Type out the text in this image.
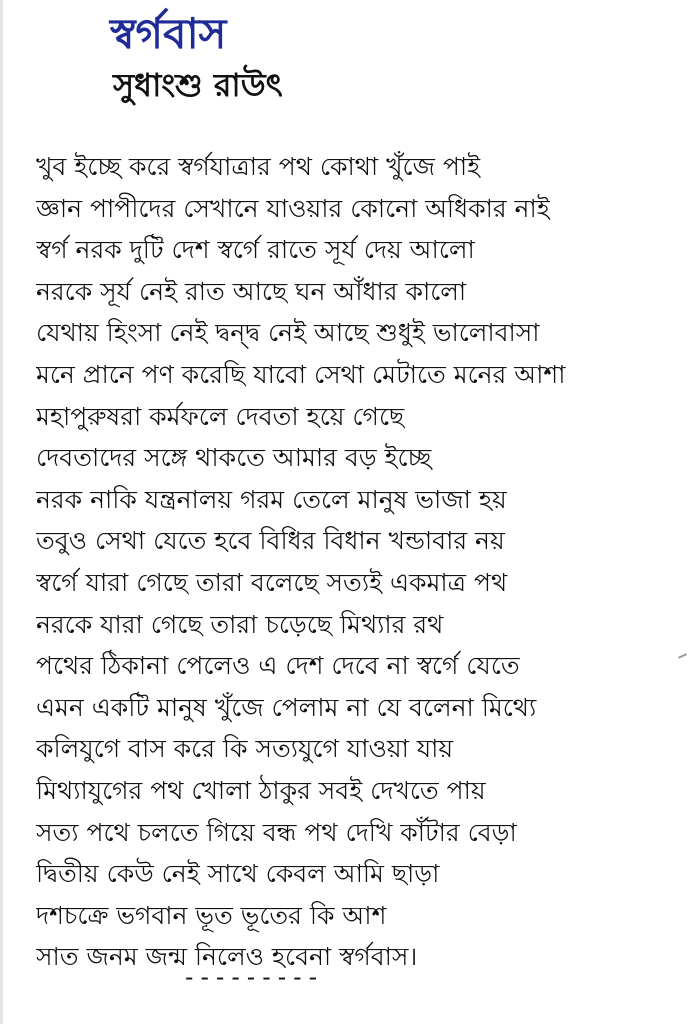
স্বর্গবাস
সুধাংশু রাউৎ
খুব ইচ্ছে করে স্বর্গযাত্রার পথ কোথা খুঁজে পাই
জ্ঞান পাপীদের সেখানে যাওয়ার কোনো অধিকার নাই
স্বর্গ নরক দুটি দেশ স্বর্গে রাতে সূর্য দেয় আলো
নরকে সূর্য নেই রাত আছে ঘন আঁধার কালো
যেথায় হিংসা নেই দ্বন্দ্ব নেই আছে শুধুই ভালোবাসা
মনে প্রানে পণ করেছি যাবো সেথা মেটাতে মনের আশা
মহাপুরুষরা কর্মফলে দেবতা হয়ে গেছে
দেবতাদের সঙ্গে থাকতে আমার বড় ইচ্ছে
নরক নাকি যন্ত্রনালয় গরম তেলে মানুষ ভাজা হয়
তবুও সেথা যেতে হবে বিধির বিধান খন্ডাবার নয়
স্বর্গে যারা গেছে তারা বলেছে সত্যই একমাত্র পথ
নরকে যারা গেছে তারা চড়েছে মিথ্যার রথ
পথের ঠিকানা পেলেও এ দেশ দেবে না স্বর্গে যেতে
এমন একটি মানুষ খুঁজে পেলাম না যে বলেনা মিথ্যে
কলিযুগে বাস করে কি সত্যযুগে যাওয়া যায়
মিথ্যাযুগের পথ খোলা ঠাকুর সবই দেখতে পায়
সত্য পথে চলতে গিয়ে বন্ধ পথ দেখি কাঁটার বেড়া
দ্বিতীয় কেউ নেই সাথে কেবল আমি ছাড়া
দশচক্রে ভগবান ভূত ভূতের কি আশ
সাত জনম জন্ম নিলেও হবেনা স্বর্গবাস।
---------
